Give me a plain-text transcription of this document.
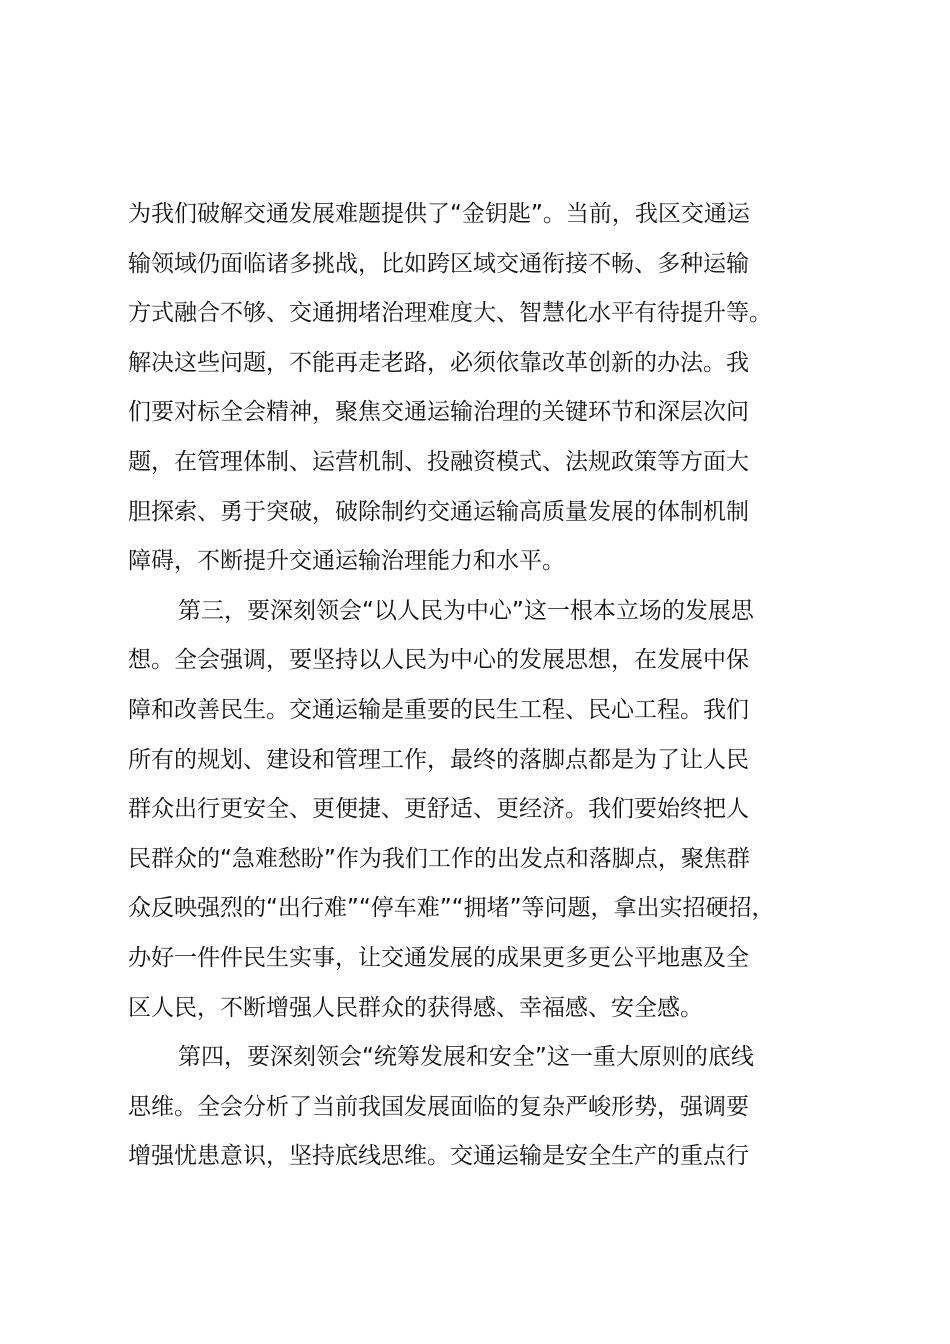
为我们破解交通发展难题提供了“金钥匙”。当前，我区交通运
输领域仍面临诸多挑战，比如跨区域交通衔接不畅、多种运输
方式融合不够、交通拥堵治理难度大、智慧化水平有待提升等。
解决这些问题，不能再走老路，必须依靠改革创新的办法。我
们要对标全会精神，聚焦交通运输治理的关键环节和深层次问
题，在管理体制、运营机制、投融资模式、法规政策等方面大
胆探索、勇于突破，破除制约交通运输高质量发展的体制机制
障碍，不断提升交通运输治理能力和水平。
第三，要深刻领会“以人民为中心”这一根本立场的发展思
想。全会强调，要坚持以人民为中心的发展思想，在发展中保
障和改善民生。交通运输是重要的民生工程、民心工程。我们
所有的规划、建设和管理工作，最终的落脚点都是为了让人民
群众出行更安全、更便捷、更舒适、更经济。我们要始终把人
民群众的“急难愁盼”作为我们工作的出发点和落脚点，聚焦群
众反映强烈的“出行难”“停车难”“拥堵”等问题，拿出实招硬招，
办好一件件民生实事，让交通发展的成果更多更公平地惠及全
区人民，不断增强人民群众的获得感、幸福感、安全感。
第四，要深刻领会“统筹发展和安全”这一重大原则的底线
思维。全会分析了当前我国发展面临的复杂严峻形势，强调要
增强忧患意识，坚持底线思维。交通运输是安全生产的重点行
